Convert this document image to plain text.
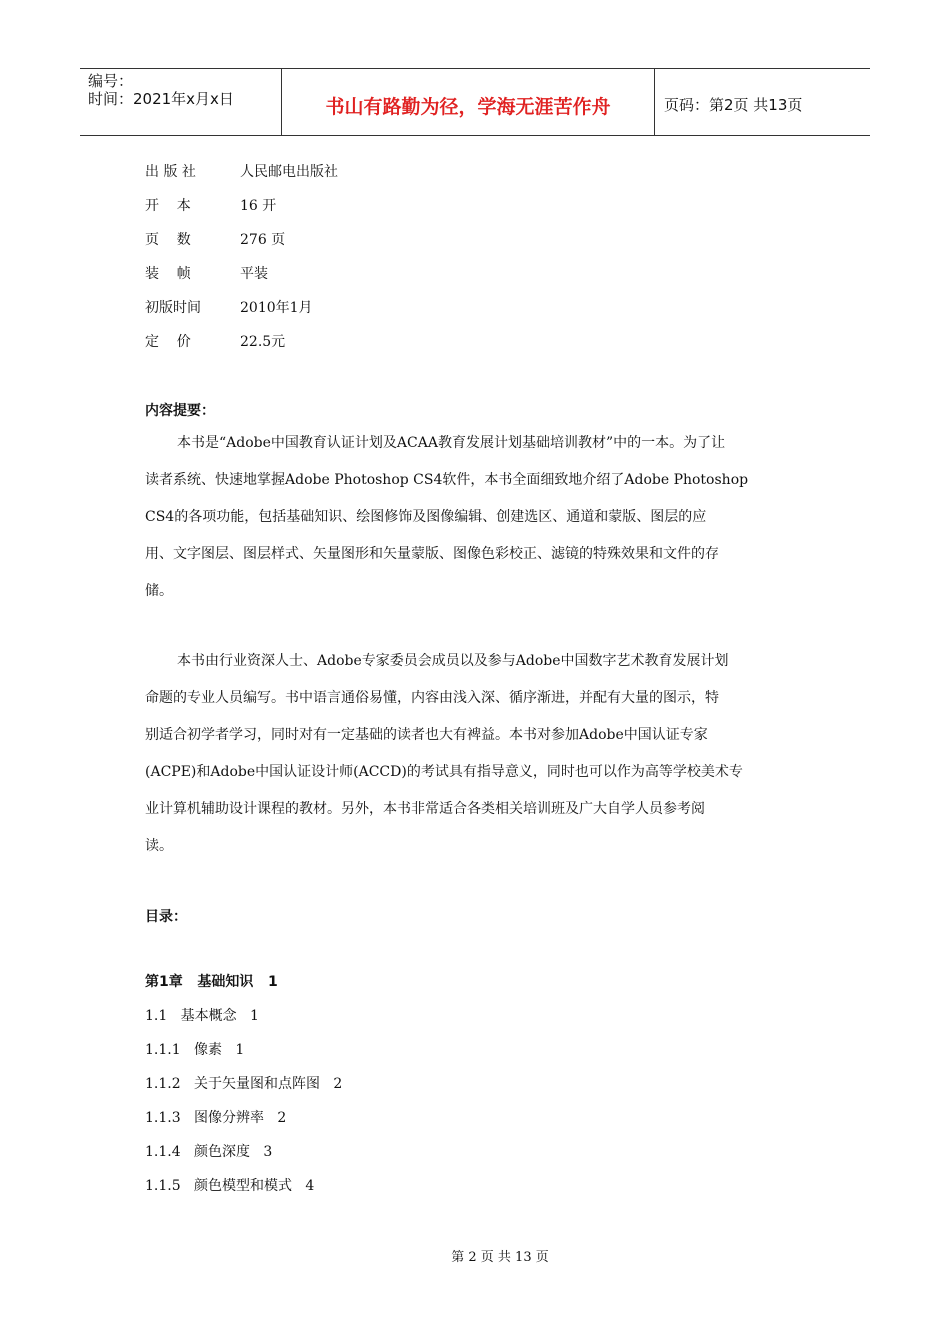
编号：
时间：2021年x月x日	书山有路勤为径，学海无涯苦作舟	页码：第2页 共13页
出 版 社	人民邮电出版社
开    本	16 开
页    数	276 页
装    帧	平装
初版时间	2010年1月
定    价	22.5元
内容提要：
本书是“Adobe中国教育认证计划及ACAA教育发展计划基础培训教材”中的一本。为了让
读者系统、快速地掌握Adobe Photoshop CS4软件，本书全面细致地介绍了Adobe Photoshop
CS4的各项功能，包括基础知识、绘图修饰及图像编辑、创建选区、通道和蒙版、图层的应
用、文字图层、图层样式、矢量图形和矢量蒙版、图像色彩校正、滤镜的特殊效果和文件的存
储。
本书由行业资深人士、Adobe专家委员会成员以及参与Adobe中国数字艺术教育发展计划
命题的专业人员编写。书中语言通俗易懂，内容由浅入深、循序渐进，并配有大量的图示，特
别适合初学者学习，同时对有一定基础的读者也大有裨益。本书对参加Adobe中国认证专家
(ACPE)和Adobe中国认证设计师(ACCD)的考试具有指导意义，同时也可以作为高等学校美术专
业计算机辅助设计课程的教材。另外，本书非常适合各类相关培训班及广大自学人员参考阅
读。
目录：
第1章   基础知识   1
1.1   基本概念   1
1.1.1   像素   1
1.1.2   关于矢量图和点阵图   2
1.1.3   图像分辨率   2
1.1.4   颜色深度   3
1.1.5   颜色模型和模式   4
第 2 页 共 13 页
